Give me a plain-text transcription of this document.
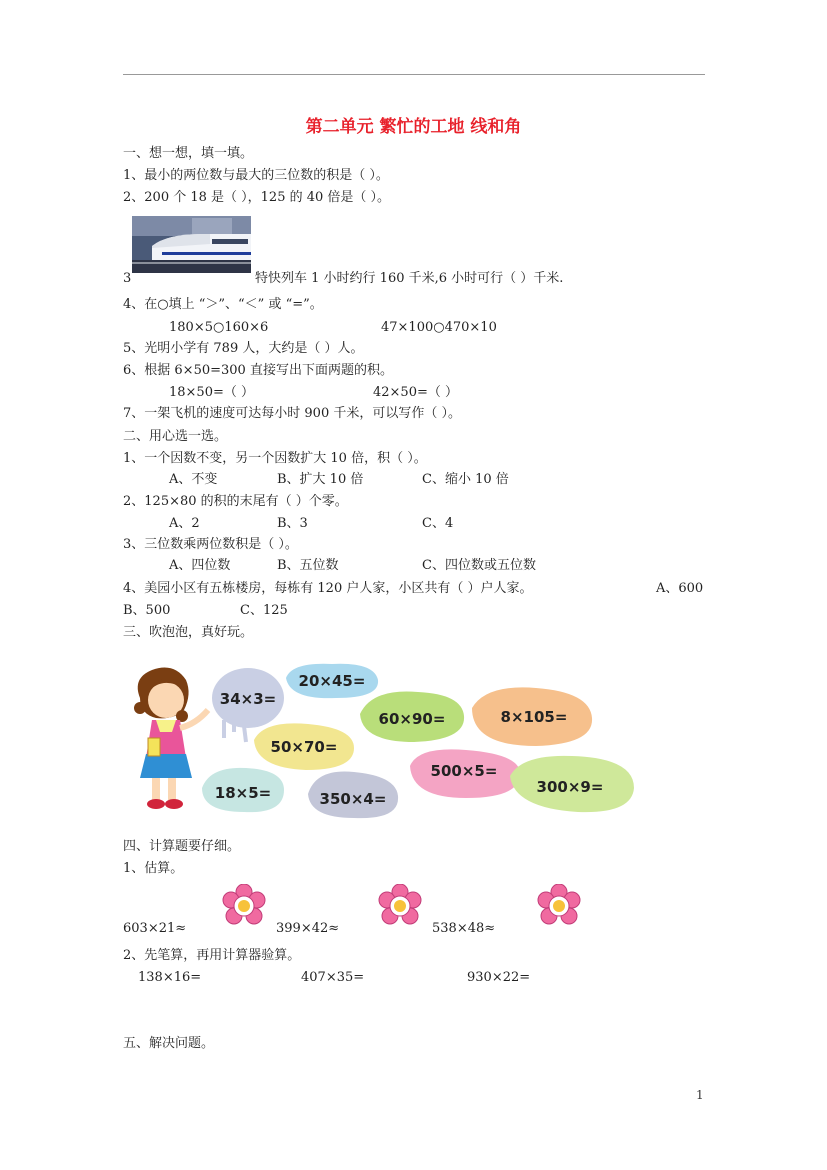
第二单元 繁忙的工地 线和角
一、想一想，填一填。
1、最小的两位数与最大的三位数的积是（ ）。
2、200 个 18 是（ ），125 的 40 倍是（ ）。
3	特快列车 1 小时约行 160 千米,6 小时可行（ ）千米.
4、在○填上 “＞”、“＜” 或 “=”。
180×5○160×6	47×100○470×10
5、光明小学有 789 人，大约是（ ）人。
6、根据 6×50=300 直接写出下面两题的积。
18×50=（ ）	42×50=（ ）
7、一架飞机的速度可达每小时 900 千米，可以写作（ ）。
二、用心选一选。
1、一个因数不变，另一个因数扩大 10 倍，积（ ）。
A、不变	B、扩大 10 倍	C、缩小 10 倍
2、125×80 的积的末尾有（ ）个零。
A、2	B、3	C、4
3、三位数乘两位数积是（ ）。
A、四位数	B、五位数	C、四位数或五位数
4、美园小区有五栋楼房，每栋有 120 户人家，小区共有（ ）户人家。	A、600
B、500	C、125
三、吹泡泡，真好玩。
34×3=
20×45=
60×90=	8×105=
50×70=
500×5=
300×9=
18×5=	350×4=
四、计算题要仔细。
1、估算。
603×21≈	399×42≈	538×48≈
2、先笔算，再用计算器验算。
138×16=	407×35=	930×22=
五、解决问题。
1
